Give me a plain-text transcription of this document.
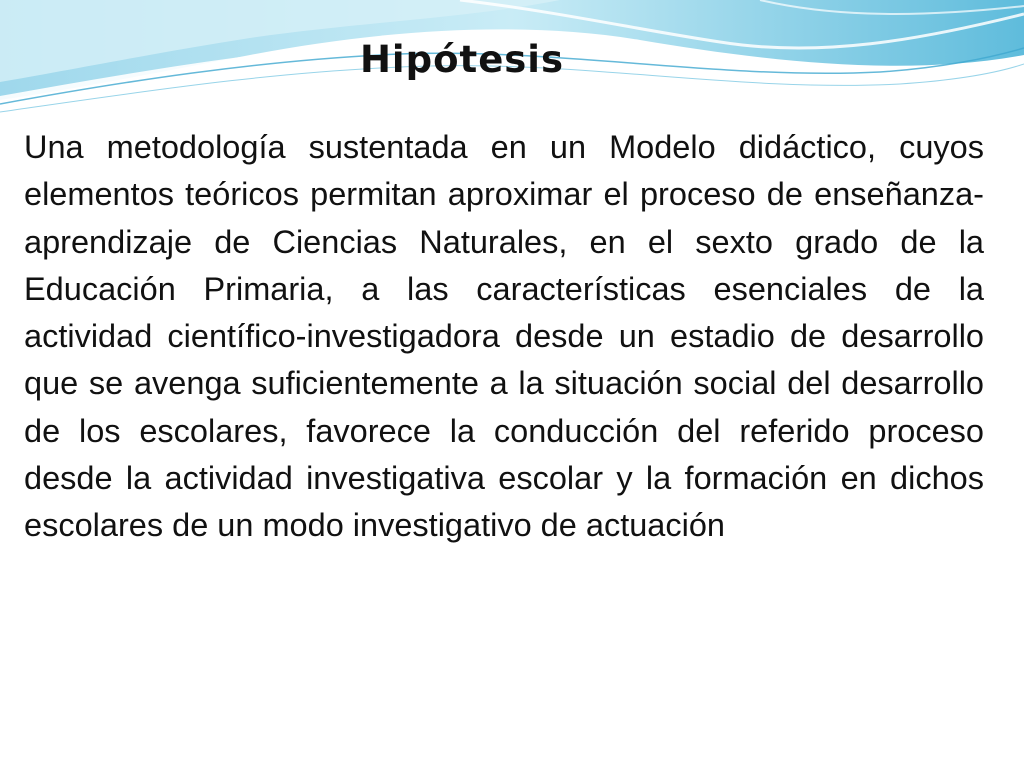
Hipótesis

Una metodología sustentada en un Modelo didáctico, cuyos elementos teóricos permitan aproximar el proceso de enseñanza-aprendizaje de Ciencias Naturales, en el sexto grado de la Educación Primaria, a las características esenciales de la actividad científico-investigadora desde un estadio de desarrollo que se avenga suficientemente a la situación social del desarrollo de los escolares, favorece la conducción del referido proceso desde la actividad investigativa escolar y la formación en dichos escolares de un modo investigativo de actuación
